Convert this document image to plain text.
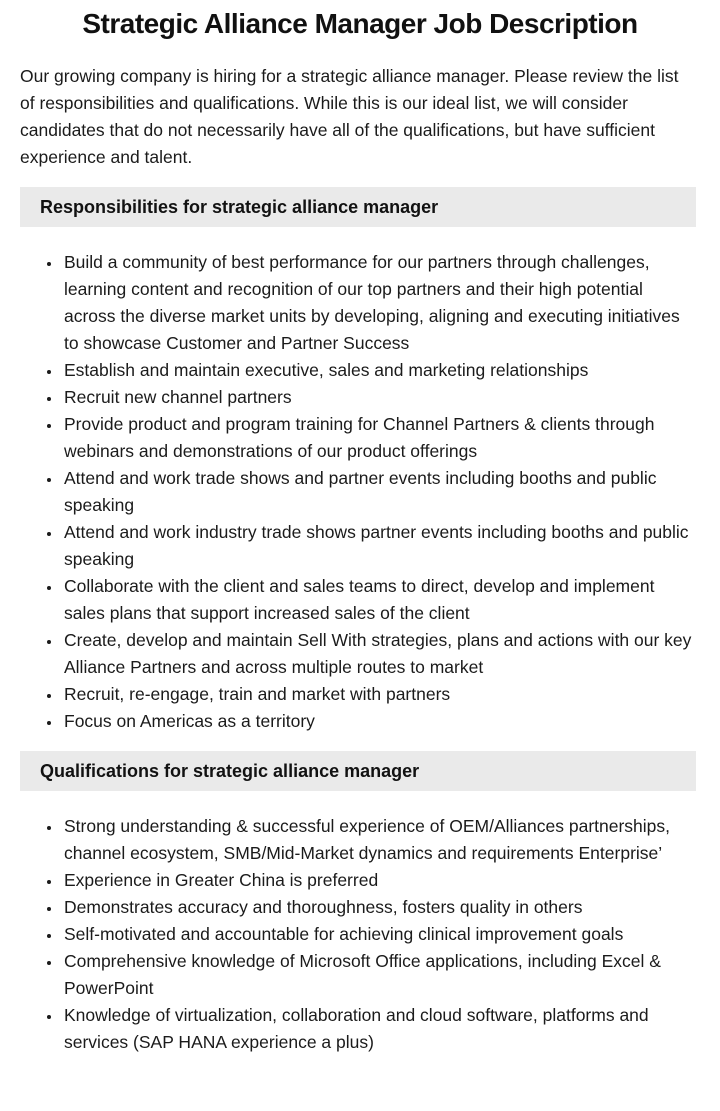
Strategic Alliance Manager Job Description

Our growing company is hiring for a strategic alliance manager. Please review the list of responsibilities and qualifications. While this is our ideal list, we will consider candidates that do not necessarily have all of the qualifications, but have sufficient experience and talent.

Responsibilities for strategic alliance manager
• Build a community of best performance for our partners through challenges, learning content and recognition of our top partners and their high potential across the diverse market units by developing, aligning and executing initiatives to showcase Customer and Partner Success
• Establish and maintain executive, sales and marketing relationships
• Recruit new channel partners
• Provide product and program training for Channel Partners & clients through webinars and demonstrations of our product offerings
• Attend and work trade shows and partner events including booths and public speaking
• Attend and work industry trade shows partner events including booths and public speaking
• Collaborate with the client and sales teams to direct, develop and implement sales plans that support increased sales of the client
• Create, develop and maintain Sell With strategies, plans and actions with our key Alliance Partners and across multiple routes to market
• Recruit, re-engage, train and market with partners
• Focus on Americas as a territory
Qualifications for strategic alliance manager
• Strong understanding & successful experience of OEM/Alliances partnerships, channel ecosystem, SMB/Mid-Market dynamics and requirements Enterprise’
• Experience in Greater China is preferred
• Demonstrates accuracy and thoroughness, fosters quality in others
• Self-motivated and accountable for achieving clinical improvement goals
• Comprehensive knowledge of Microsoft Office applications, including Excel & PowerPoint
• Knowledge of virtualization, collaboration and cloud software, platforms and services (SAP HANA experience a plus)
